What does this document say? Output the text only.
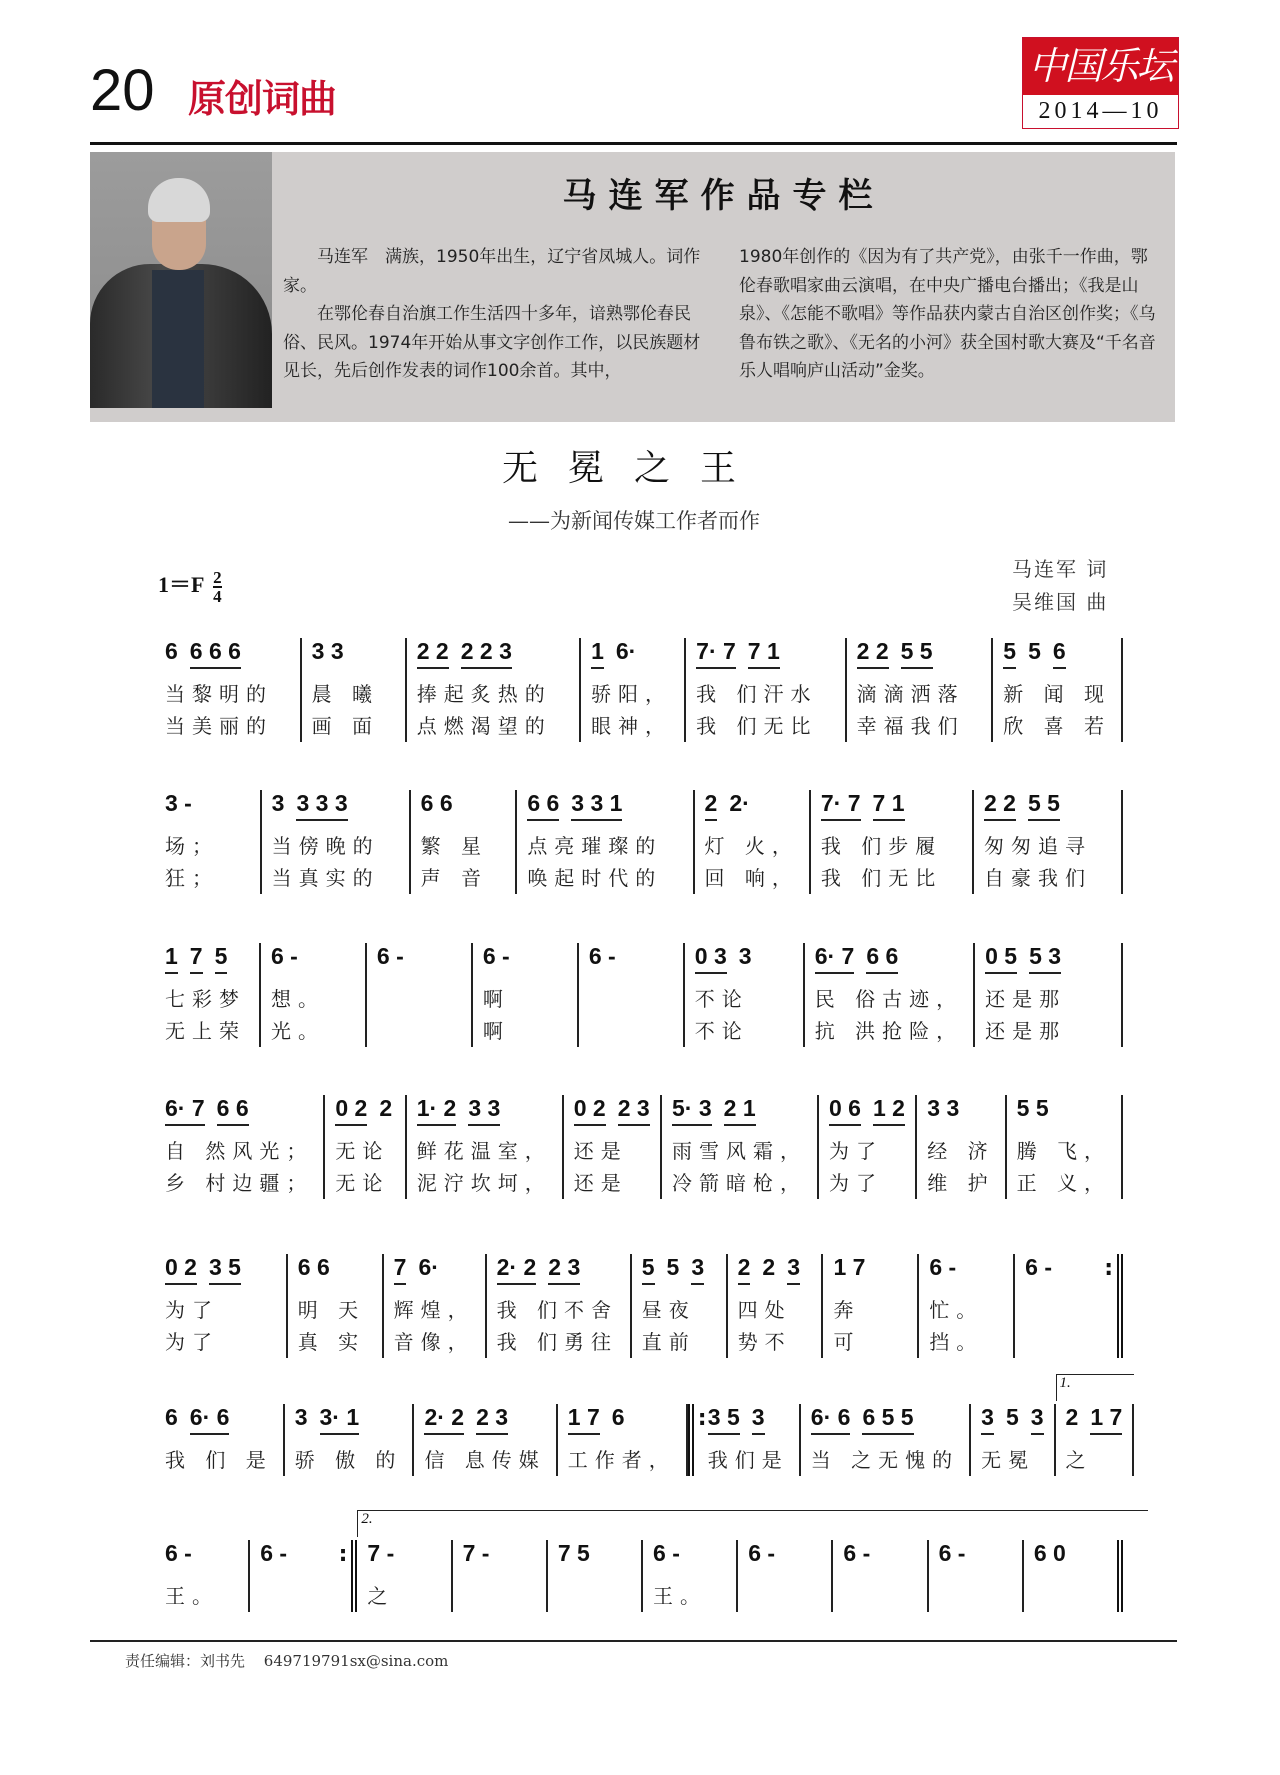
20 原创词曲
中国乐坛
2014—10
马连军作品专栏

马连军　满族，1950年出生，辽宁省凤城人。词作家。

在鄂伦春自治旗工作生活四十多年，谙熟鄂伦春民俗、民风。1974年开始从事文字创作工作，以民族题材见长，先后创作发表的词作100余首。其中，

1980年创作的《因为有了共产党》，由张千一作曲，鄂伦春歌唱家曲云演唱，在中央广播电台播出；《我是山泉》、《怎能不歌唱》等作品获内蒙古自治区创作奖；《乌鲁布铁之歌》、《无名的小河》获全国村歌大赛及“千名音乐人唱响庐山活动”金奖。

无冕之王
——为新闻传媒工作者而作
$1=F \frac{2}{4}$	马连军 词
吴维国 曲
6 6 6 6
当黎明的
当美丽的
3 3
晨 曦
画 面
2 2 2 2 3
捧起炙热的
点燃渴望的
1 6·
骄阳，
眼神，
7· 7 7 1
我 们汗水
我 们无比
2 2 5 5
滴滴洒落
幸福我们
5 5 6
新 闻 现
欣 喜 若
3 -
场；
狂；
3 3 3 3
当傍晚的
当真实的
6 6
繁 星
声 音
6 6 3 3 1
点亮璀璨的
唤起时代的
2 2·
灯 火，
回 响，
7· 7 7 1
我 们步履
我 们无比
2 2 5 5
匆匆追寻
自豪我们
1 7 5
七彩梦
无上荣
6 -
想。
光。
6 -	6 -
啊
啊
6 -	0 3 3
不论
不论
6· 7 6 6
民 俗古迹，
抗 洪抢险，
0 5 5 3
还是那
还是那
6· 7 6 6
自 然风光；
乡 村边疆；
0 2 2
无论
无论
1· 2 3 3
鲜花温室，
泥泞坎坷，
0 2 2 3
还是
还是
5· 3 2 1
雨雪风霜，
冷箭暗枪，
0 6 1 2
为了
为了
3 3
经 济
维 护
5 5
腾 飞，
正 义，
0 2 3 5
为了
为了
6 6
明 天
真 实
7 6·
辉煌，
音像，
2· 2 2 3
我 们不舍
我 们勇往
5 5 3
昼夜
直前
2 2 3
四处
势不
1 7
奔
可
6 -
忙。
挡。
6 -
:
6 6· 6
我 们 是
3 3· 1
骄 傲 的
2· 2 2 3
信 息传媒
1 7 6
工作者，
: 3 5 3
我们是
6· 6 6 5 5
当 之无愧的
3 5 3
无冕
2 1 7
之
1.
6 -
王。
6 -
:	7 -
之
2.
7 -	7 5	6 -
王。
6 -	6 -	6 -	6 0
责任编辑：刘书先 649719791sx@sina.com
